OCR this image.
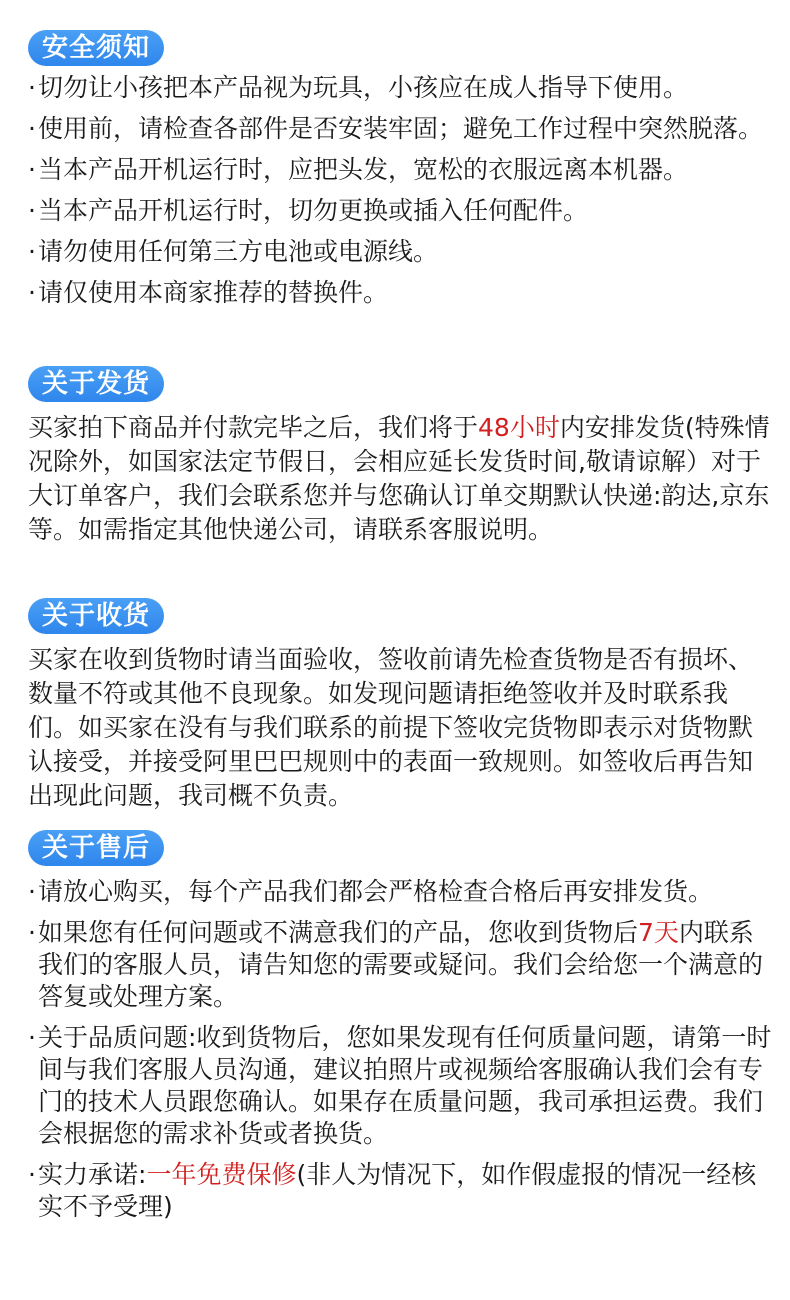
安全须知
· 切勿让小孩把本产品视为玩具，小孩应在成人指导下使用。
· 使用前，请检查各部件是否安装牢固；避免工作过程中突然脱落。
· 当本产品开机运行时，应把头发，宽松的衣服远离本机器。
· 当本产品开机运行时，切勿更换或插入任何配件。
· 请勿使用任何第三方电池或电源线。
· 请仅使用本商家推荐的替换件。
关于发货
买家拍下商品并付款完毕之后，我们将于48小时内安排发货(特殊情况除外，如国家法定节假日，会相应延长发货时间,敬请谅解）对于大订单客户，我们会联系您并与您确认订单交期默认快递:韵达,京东等。如需指定其他快递公司，请联系客服说明。
关于收货
买家在收到货物时请当面验收，签收前请先检查货物是否有损坏、数量不符或其他不良现象。如发现问题请拒绝签收并及时联系我们。如买家在没有与我们联系的前提下签收完货物即表示对货物默认接受，并接受阿里巴巴规则中的表面一致规则。如签收后再告知出现此问题，我司概不负责。
关于售后
· 请放心购买，每个产品我们都会严格检查合格后再安排发货。
· 如果您有任何问题或不满意我们的产品，您收到货物后7天内联系我们的客服人员，请告知您的需要或疑问。我们会给您一个满意的答复或处理方案。
· 关于品质问题:收到货物后，您如果发现有任何质量问题，请第一时间与我们客服人员沟通，建议拍照片或视频给客服确认我们会有专门的技术人员跟您确认。如果存在质量问题，我司承担运费。我们会根据您的需求补货或者换货。
· 实力承诺:一年免费保修(非人为情况下，如作假虚报的情况一经核实不予受理)
